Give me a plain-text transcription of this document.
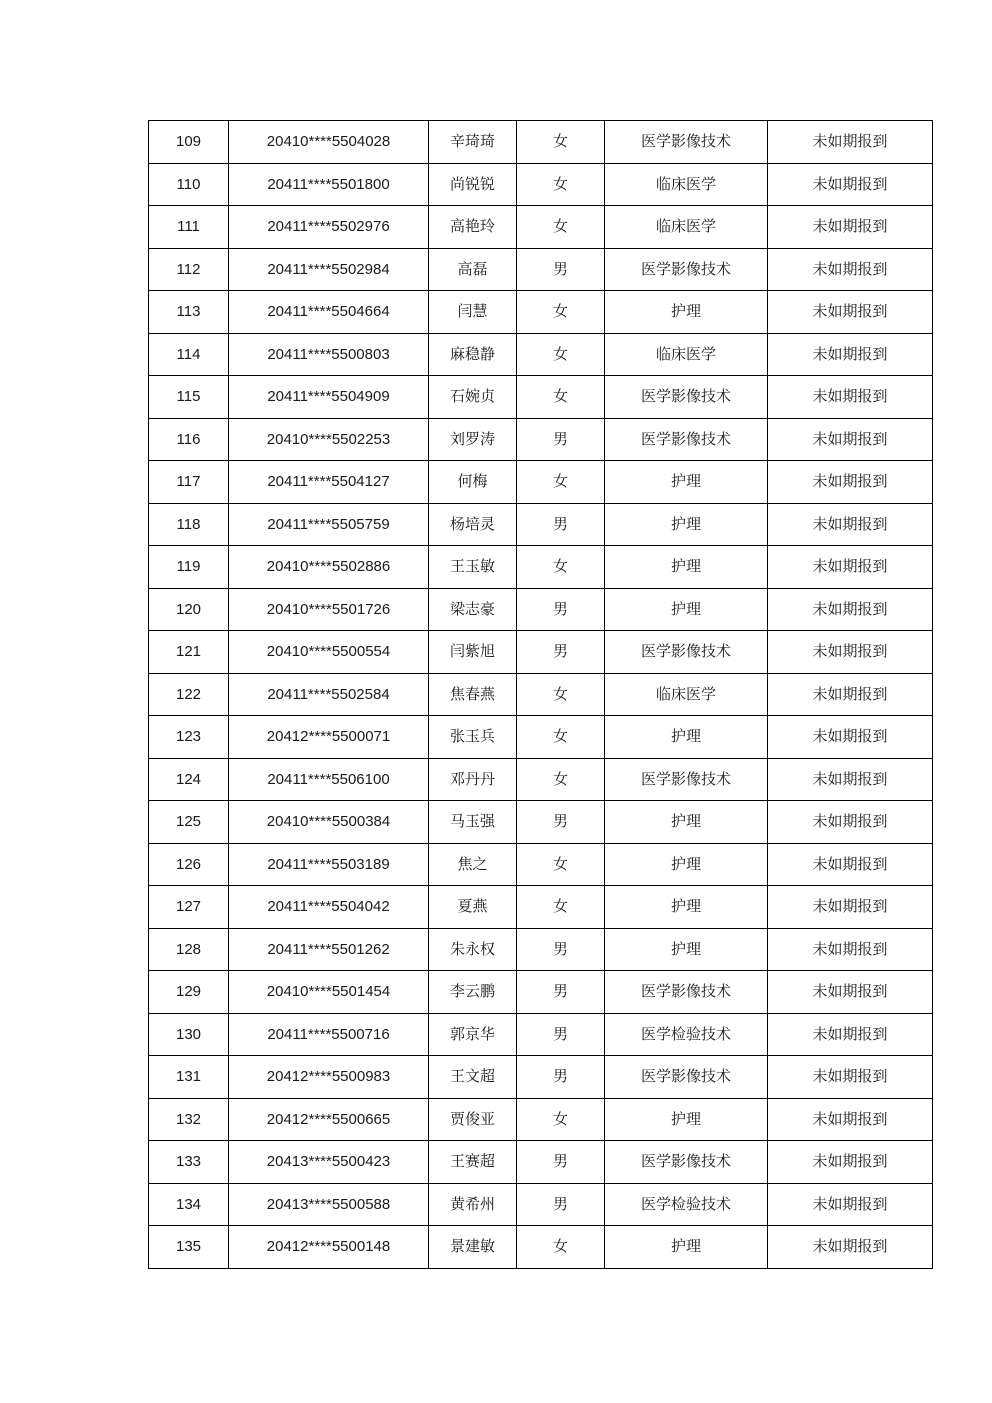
109	20410****5504028	辛琦琦	女	医学影像技术	未如期报到
110	20411****5501800	尚锐锐	女	临床医学	未如期报到
111	20411****5502976	高艳玲	女	临床医学	未如期报到
112	20411****5502984	高磊	男	医学影像技术	未如期报到
113	20411****5504664	闫慧	女	护理	未如期报到
114	20411****5500803	麻稳静	女	临床医学	未如期报到
115	20411****5504909	石婉贞	女	医学影像技术	未如期报到
116	20410****5502253	刘罗涛	男	医学影像技术	未如期报到
117	20411****5504127	何梅	女	护理	未如期报到
118	20411****5505759	杨培灵	男	护理	未如期报到
119	20410****5502886	王玉敏	女	护理	未如期报到
120	20410****5501726	梁志豪	男	护理	未如期报到
121	20410****5500554	闫紫旭	男	医学影像技术	未如期报到
122	20411****5502584	焦春燕	女	临床医学	未如期报到
123	20412****5500071	张玉兵	女	护理	未如期报到
124	20411****5506100	邓丹丹	女	医学影像技术	未如期报到
125	20410****5500384	马玉强	男	护理	未如期报到
126	20411****5503189	焦之	女	护理	未如期报到
127	20411****5504042	夏燕	女	护理	未如期报到
128	20411****5501262	朱永权	男	护理	未如期报到
129	20410****5501454	李云鹏	男	医学影像技术	未如期报到
130	20411****5500716	郭京华	男	医学检验技术	未如期报到
131	20412****5500983	王文超	男	医学影像技术	未如期报到
132	20412****5500665	贾俊亚	女	护理	未如期报到
133	20413****5500423	王赛超	男	医学影像技术	未如期报到
134	20413****5500588	黄希州	男	医学检验技术	未如期报到
135	20412****5500148	景建敏	女	护理	未如期报到
